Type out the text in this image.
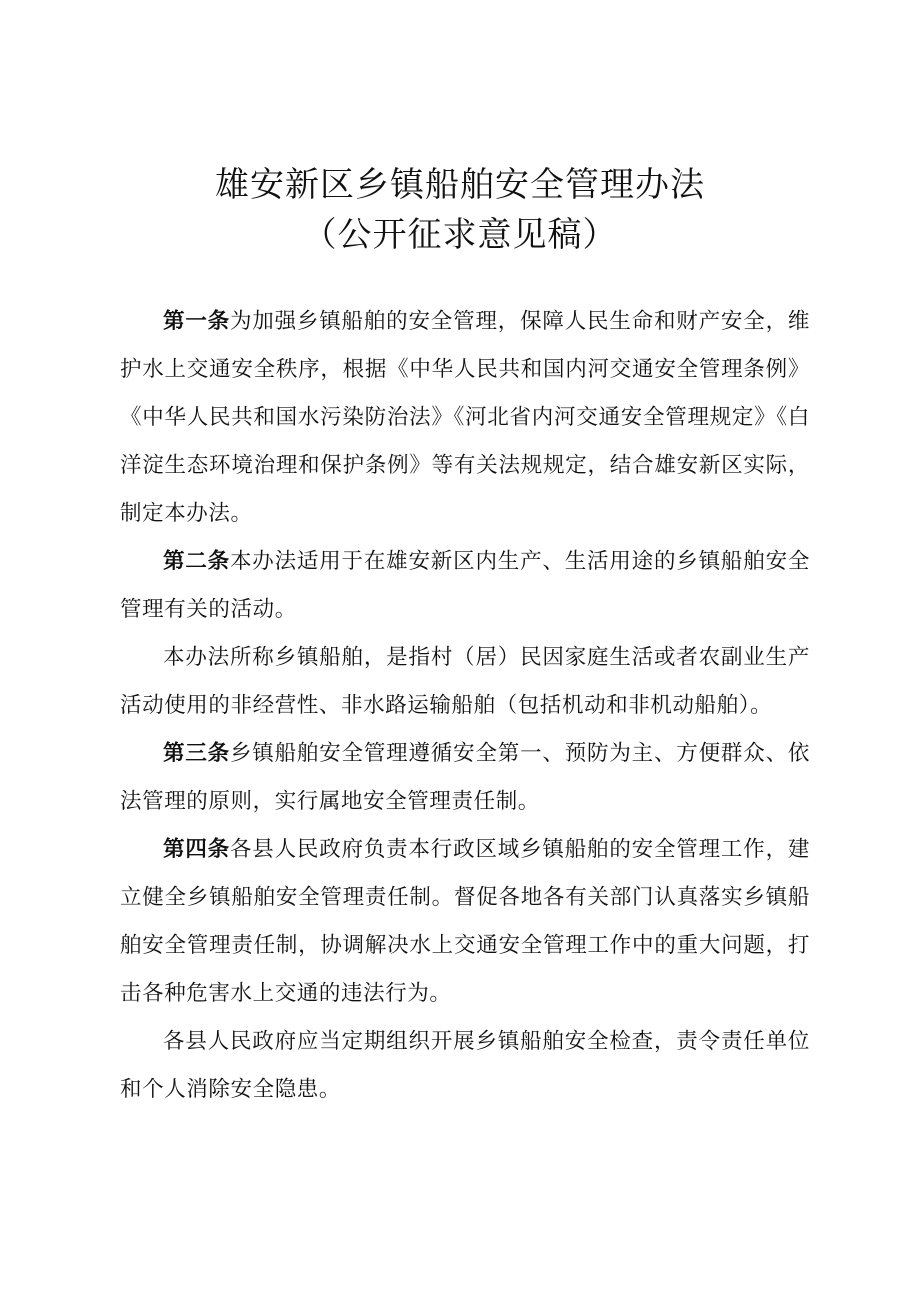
雄安新区乡镇船舶安全管理办法
（公开征求意见稿）

第一条为加强乡镇船舶的安全管理，保障人民生命和财产安全，维护水上交通安全秩序，根据《中华人民共和国内河交通安全管理条例》《中华人民共和国水污染防治法》《河北省内河交通安全管理规定》《白洋淀生态环境治理和保护条例》等有关法规规定，结合雄安新区实际，制定本办法。

第二条本办法适用于在雄安新区内生产、生活用途的乡镇船舶安全管理有关的活动。

本办法所称乡镇船舶，是指村（居）民因家庭生活或者农副业生产活动使用的非经营性、非水路运输船舶（包括机动和非机动船舶）。

第三条乡镇船舶安全管理遵循安全第一、预防为主、方便群众、依法管理的原则，实行属地安全管理责任制。

第四条各县人民政府负责本行政区域乡镇船舶的安全管理工作，建立健全乡镇船舶安全管理责任制。督促各地各有关部门认真落实乡镇船舶安全管理责任制，协调解决水上交通安全管理工作中的重大问题，打击各种危害水上交通的违法行为。

各县人民政府应当定期组织开展乡镇船舶安全检查，责令责任单位和个人消除安全隐患。
